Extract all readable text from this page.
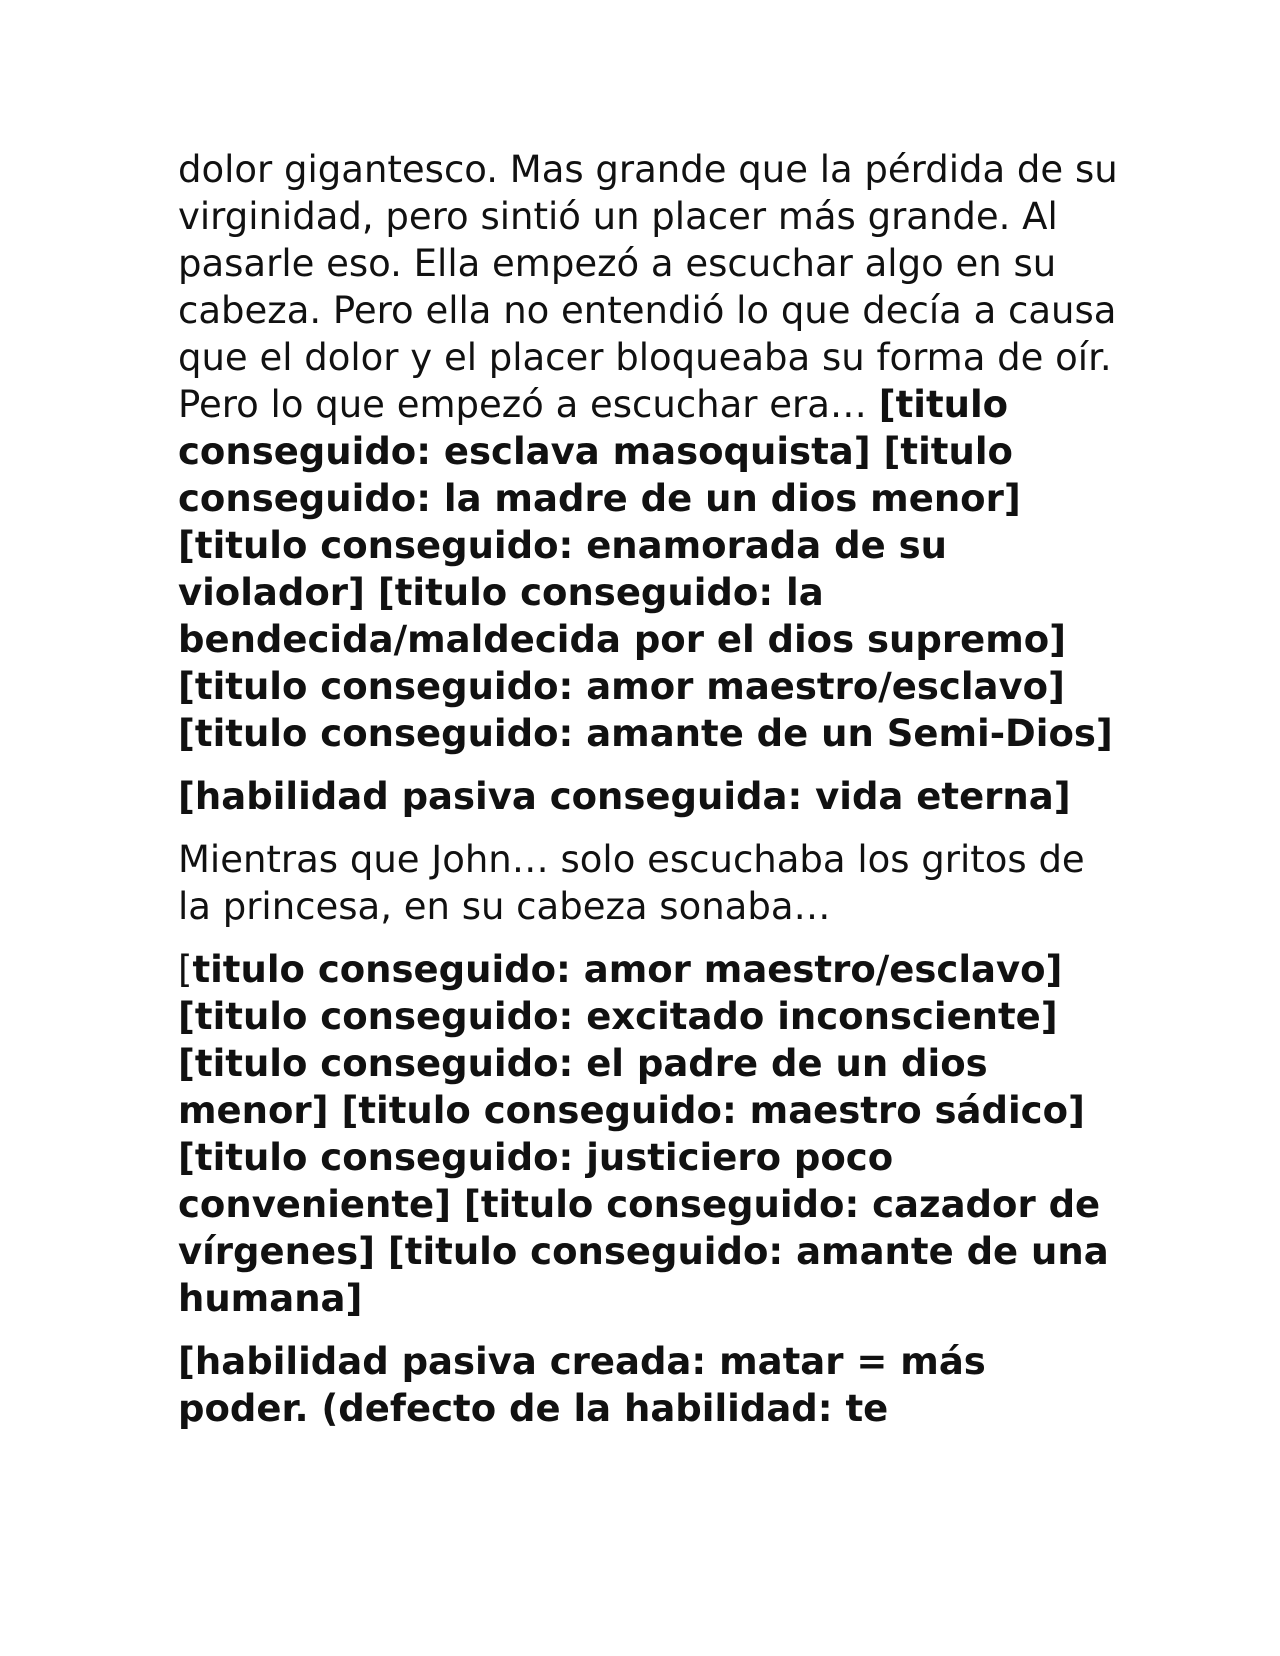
dolor gigantesco. Mas grande que la pérdida de su virginidad, pero sintió un placer más grande. Al pasarle eso. Ella empezó a escuchar algo en su cabeza. Pero ella no entendió lo que decía a causa que el dolor y el placer bloqueaba su forma de oír. Pero lo que empezó a escuchar era… [titulo conseguido: esclava masoquista] [titulo conseguido: la madre de un dios menor] [titulo conseguido: enamorada de su violador] [titulo conseguido: la bendecida/maldecida por el dios supremo] [titulo conseguido: amor maestro/esclavo] [titulo conseguido: amante de un Semi-Dios]

[habilidad pasiva conseguida: vida eterna]

Mientras que John… solo escuchaba los gritos de la princesa, en su cabeza sonaba…

[titulo conseguido: amor maestro/esclavo] [titulo conseguido: excitado inconsciente] [titulo conseguido: el padre de un dios menor] [titulo conseguido: maestro sádico] [titulo conseguido: justiciero poco conveniente] [titulo conseguido: cazador de vírgenes] [titulo conseguido: amante de una humana]

[habilidad pasiva creada: matar = más poder. (defecto de la habilidad: te
